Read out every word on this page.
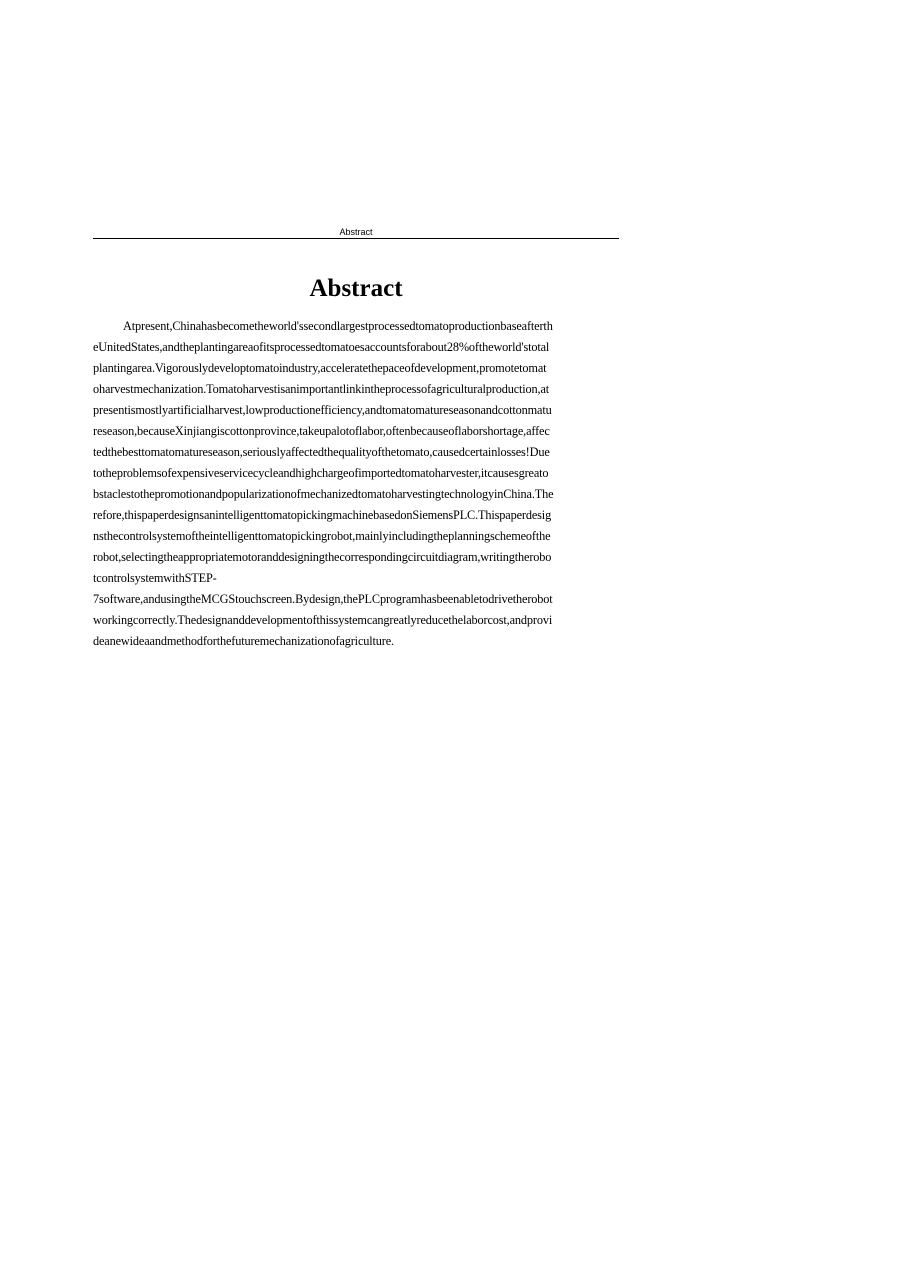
Abstract
Abstract
Atpresent,Chinahasbecometheworld'ssecondlargestprocessedtomatoproductionbaseafterth
eUnitedStates,andtheplantingareaofitsprocessedtomatoesaccountsforabout28%oftheworld'stotal
plantingarea.Vigorouslydeveloptomatoindustry,acceleratethepaceofdevelopment,promotetomat
oharvestmechanization.Tomatoharvestisanimportantlinkintheprocessofagriculturalproduction,at
presentismostlyartificialharvest,lowproductionefficiency,andtomatomatureseasonandcottonmatu
reseason,becauseXinjiangiscottonprovince,takeupalotoflabor,oftenbecauseoflaborshortage,affec
tedthebesttomatomatureseason,seriouslyaffectedthequalityofthetomato,causedcertainlosses!Due
totheproblemsofexpensiveservicecycleandhighchargeofimportedtomatoharvester,itcausesgreato
bstaclestothepromotionandpopularizationofmechanizedtomatoharvestingtechnologyinChina.The
refore,thispaperdesignsanintelligenttomatopickingmachinebasedonSiemensPLC.Thispaperdesig
nsthecontrolsystemoftheintelligenttomatopickingrobot,mainlyincludingtheplanningschemeofthe
robot,selectingtheappropriatemotoranddesigningthecorrespondingcircuitdiagram,writingtherobo
tcontrolsystemwithSTEP-
7software,andusingtheMCGStouchscreen.Bydesign,thePLCprogramhasbeenabletodrivetherobot
workingcorrectly.Thedesignanddevelopmentofthissystemcangreatlyreducethelaborcost,andprovi
deanewideaandmethodforthefuturemechanizationofagriculture.
